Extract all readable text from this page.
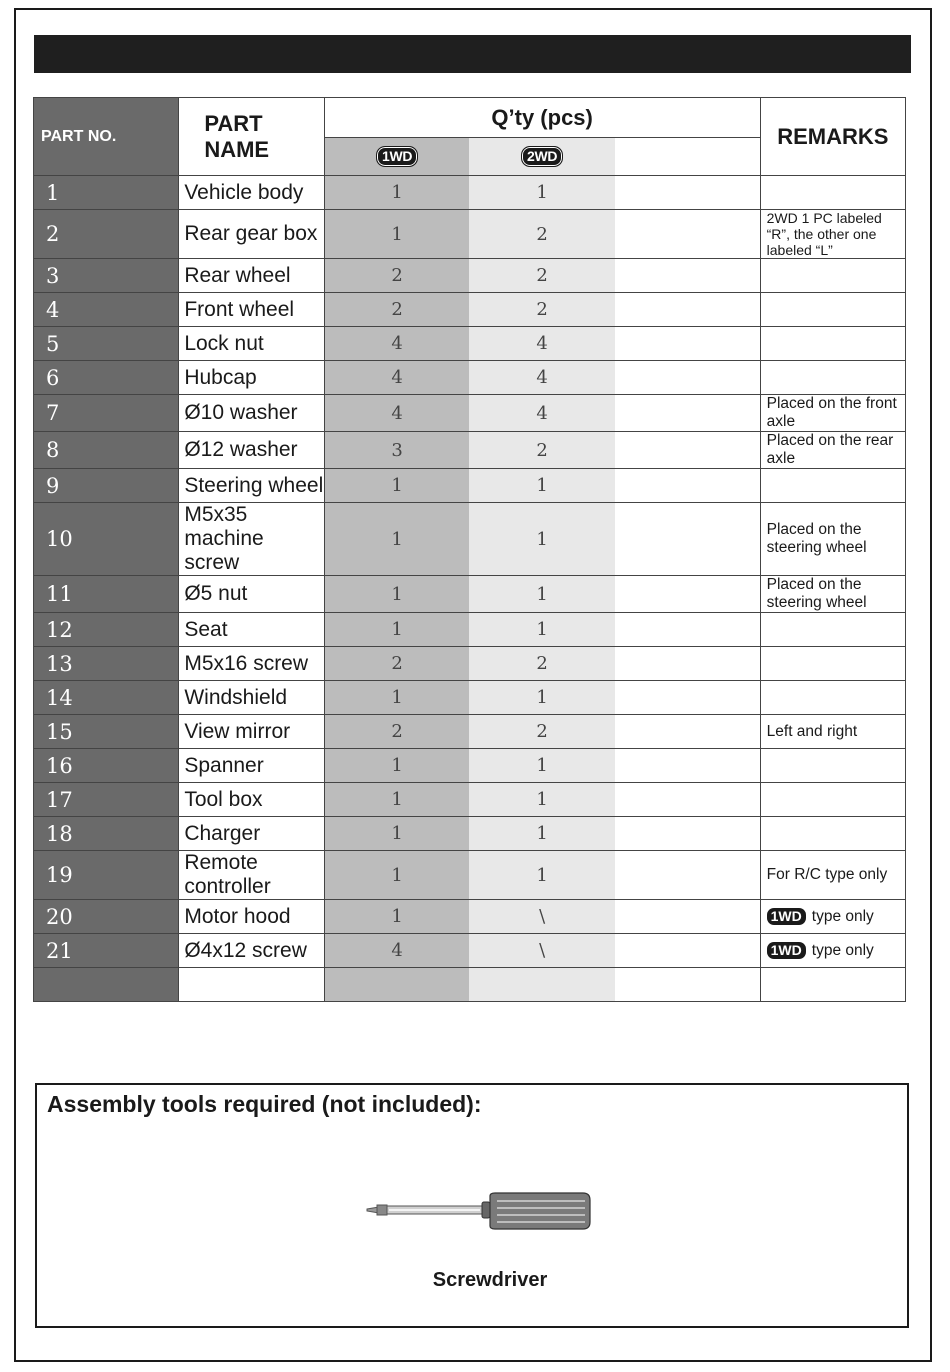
PART NO.	PART NAME	Q’ty (pcs)			REMARKS
		1WD	2WD		
1	Vehicle body	1	1		
2	Rear gear box	1	2		2WD 1 PC labeled “R”, the other one labeled “L”
3	Rear wheel	2	2		
4	Front wheel	2	2		
5	Lock nut	4	4		
6	Hubcap	4	4		
7	Ø10 washer	4	4		Placed on the front axle
8	Ø12 washer	3	2		Placed on the rear axle
9	Steering wheel	1	1		
10	M5x35 machine screw	1	1		Placed on the steering wheel
11	Ø5 nut	1	1		Placed on the steering wheel
12	Seat	1	1		
13	M5x16 screw	2	2		
14	Windshield	1	1		
15	View mirror	2	2		Left and right
16	Spanner	1	1		
17	Tool box	1	1		
18	Charger	1	1		
19	Remote controller	1	1		For R/C type only
20	Motor hood	1	\		1WD type only
21	Ø4x12 screw	4	\		1WD type only

Assembly tools required (not included):
Screwdriver
